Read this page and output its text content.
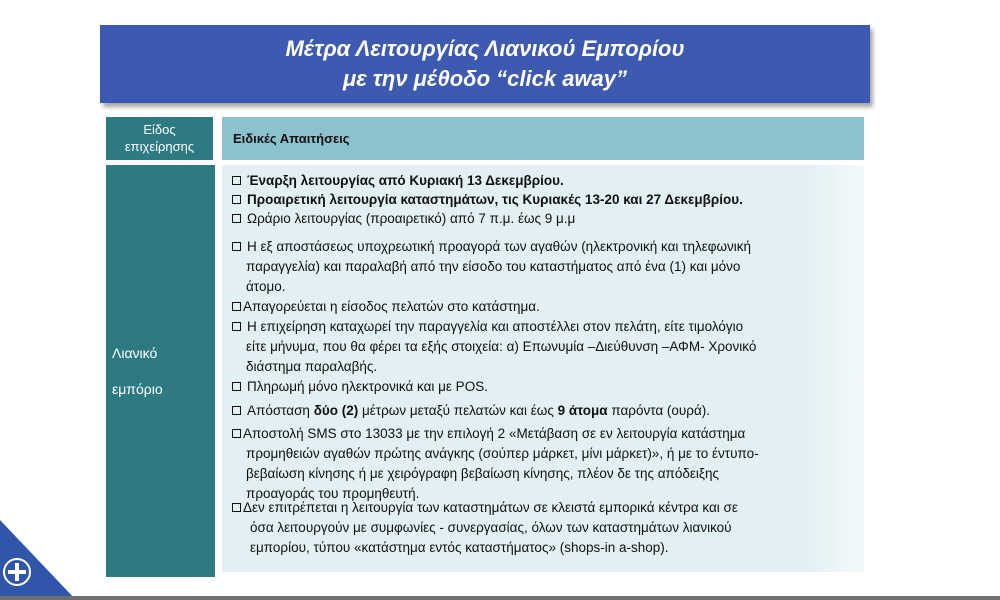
Μέτρα Λειτουργίας Λιανικού Εμπορίου
με την μέθοδο “click away”
Είδος
επιχείρησης
Ειδικές Απαιτήσεις
Λιανικό
εμπόριο
Έναρξη λειτουργίας από Κυριακή 13 Δεκεμβρίου.
Προαιρετική λειτουργία καταστημάτων, τις Κυριακές 13-20 και 27 Δεκεμβρίου.
Ωράριο λειτουργίας (προαιρετικό) από 7 π.μ. έως 9 μ.μ
Η εξ αποστάσεως υποχρεωτική προαγορά των αγαθών (ηλεκτρονική και τηλεφωνική
παραγγελία) και παραλαβή από την είσοδο του καταστήματος από ένα (1) και μόνο
άτομο.
Απαγορεύεται η είσοδος πελατών στο κατάστημα.
Η επιχείρηση καταχωρεί την παραγγελία και αποστέλλει στον πελάτη, είτε τιμολόγιο
είτε μήνυμα, που θα φέρει τα εξής στοιχεία: α) Επωνυμία –Διεύθυνση –ΑΦΜ- Χρονικό
διάστημα παραλαβής.
Πληρωμή μόνο ηλεκτρονικά και με POS.
Απόσταση δύο (2) μέτρων μεταξύ πελατών και έως 9 άτομα παρόντα (ουρά).
Αποστολή SMS στο 13033 με την επιλογή 2 «Μετάβαση σε εν λειτουργία κατάστημα
προμηθειών αγαθών πρώτης ανάγκης (σούπερ μάρκετ, μίνι μάρκετ)», ή με το έντυπο-
βεβαίωση κίνησης ή με χειρόγραφη βεβαίωση κίνησης, πλέον δε της απόδειξης
προαγοράς του προμηθευτή.
Δεν επιτρέπεται η λειτουργία των καταστημάτων σε κλειστά εμπορικά κέντρα και σε
όσα λειτουργούν με συμφωνίες - συνεργασίας, όλων των καταστημάτων λιανικού
εμπορίου, τύπου «κατάστημα εντός καταστήματος» (shops-in a-shop).
